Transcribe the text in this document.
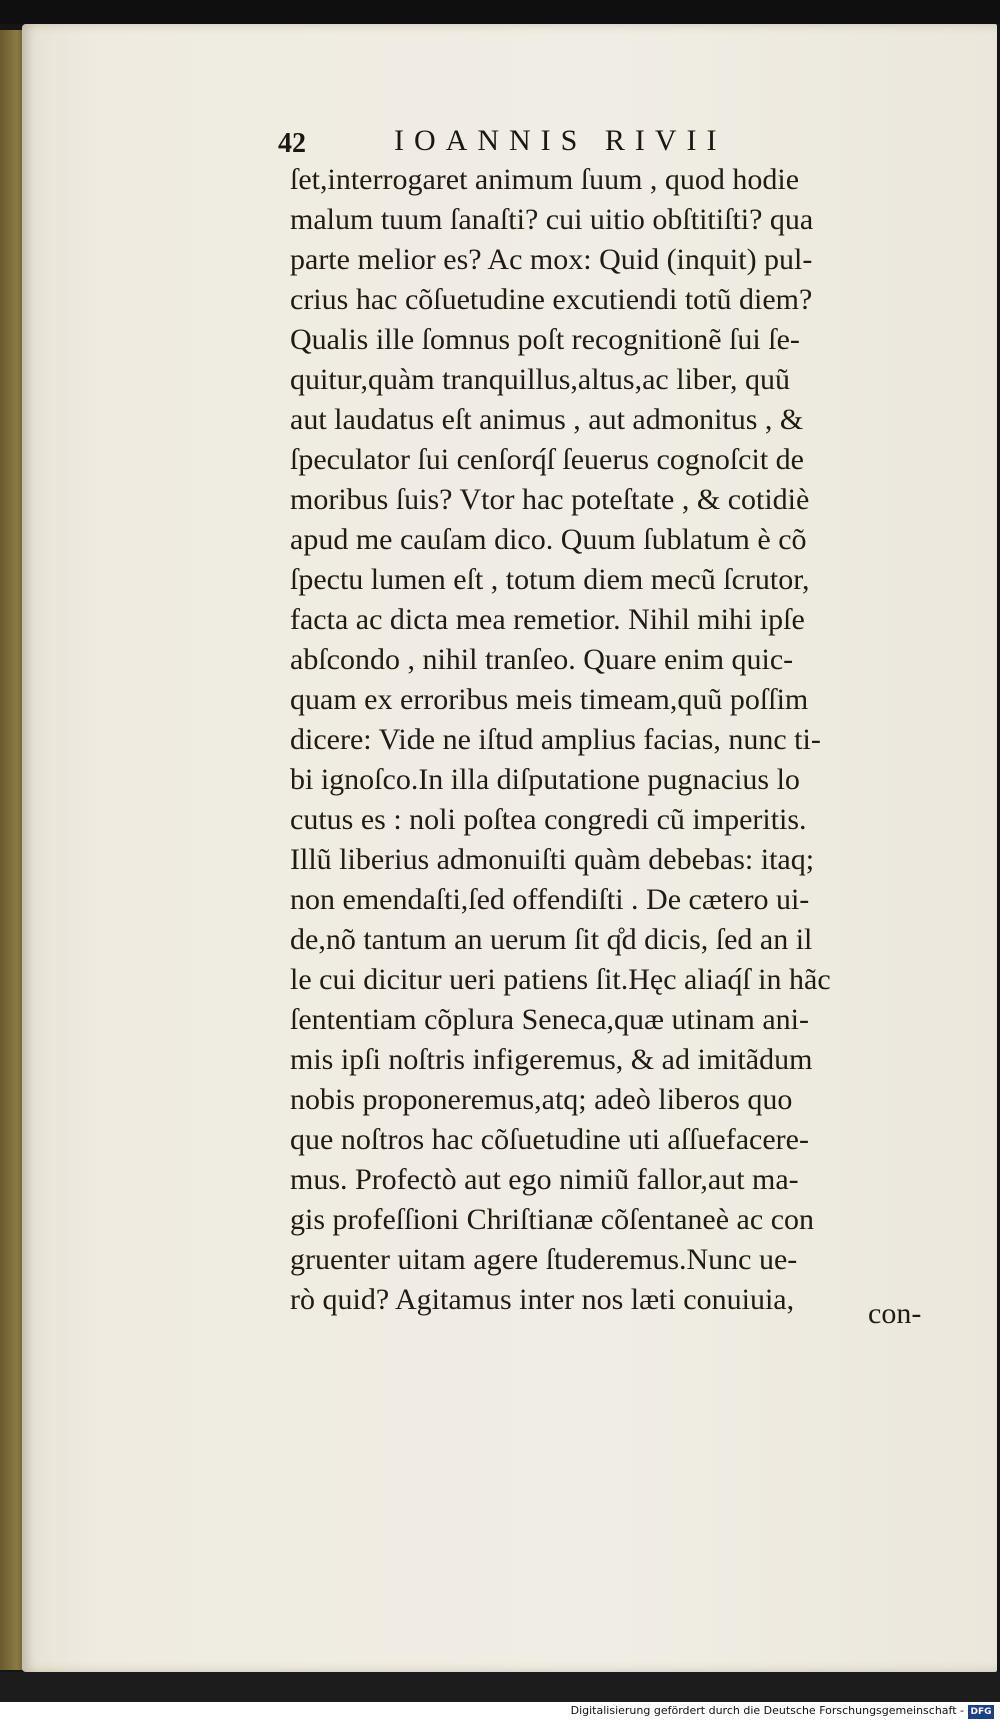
42	IOANNIS RIVII
ſet,interrogaret animum ſuum , quod hodie
malum tuum ſanaſti? cui uitio obſtitiſti? qua
parte melior es? Ac mox: Quid (inquit) pul-
crius hac cõſuetudine excutiendi totũ diem?
Qualis ille ſomnus poſt recognitionẽ ſui ſe-
quitur,quàm tranquillus,altus,ac liber, quũ
aut laudatus eſt animus , aut admonitus , &
ſpeculator ſui cenſorq́ſ ſeuerus cognoſcit de
moribus ſuis? Vtor hac poteſtate , & cotidiè
apud me cauſam dico. Quum ſublatum è cõ
ſpectu lumen eſt , totum diem mecũ ſcrutor,
facta ac dicta mea remetior. Nihil mihi ipſe
abſcondo , nihil tranſeo. Quare enim quic-
quam ex erroribus meis timeam,quũ poſſim
dicere: Vide ne iſtud amplius facias, nunc ti-
bi ignoſco.In illa diſputatione pugnacius lo
cutus es : noli poſtea congredi cũ imperitis.
Illũ liberius admonuiſti quàm debebas: itaq;
non emendaſti,ſed offendiſti . De cætero ui-
de,nõ tantum an uerum ſit q̊d dicis, ſed an il
le cui dicitur ueri patiens ſit.Hęc aliaq́ſ in hãc
ſententiam cõplura Seneca,quæ utinam ani-
mis ipſi noſtris infigeremus, & ad imitãdum
nobis proponeremus,atq; adeò liberos quo
que noſtros hac cõſuetudine uti aſſuefacere-
mus. Profectò aut ego nimiũ fallor,aut ma-
gis profeſſioni Chriſtianæ cõſentaneè ac con
gruenter uitam agere ſtuderemus.Nunc ue-
rò quid? Agitamus inter nos læti conuiuia,	con-
Digitalisierung gefördert durch die Deutsche Forschungsgemeinschaft - DFG
